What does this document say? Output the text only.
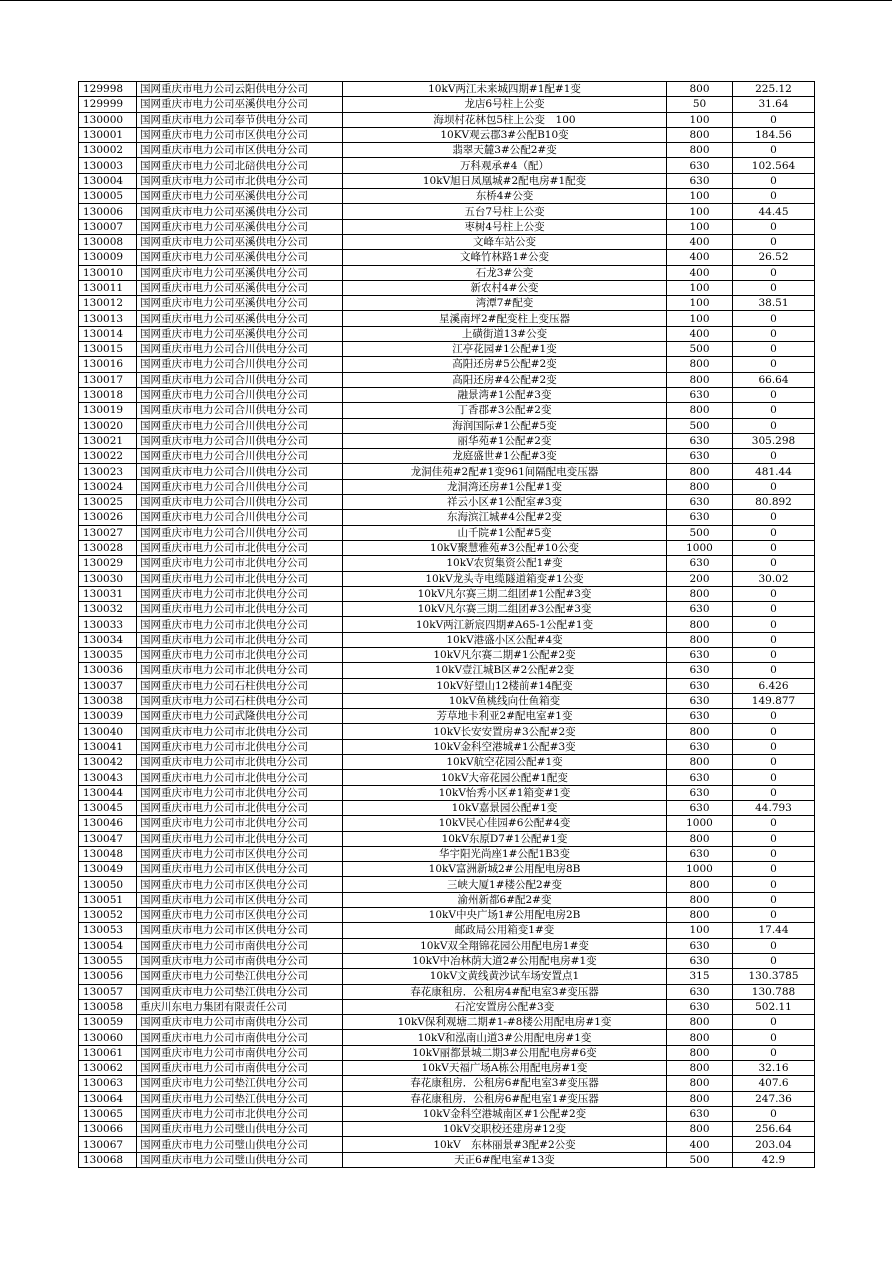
129998	国网重庆市电力公司云阳供电分公司	10kV两江未来城四期#1配#1变	800	225.12
129999	国网重庆市电力公司巫溪供电分公司	龙店6号柱上公变	50	31.64
130000	国网重庆市电力公司奉节供电分公司	海坝村花林包5柱上公变　100	100	0
130001	国网重庆市电力公司市区供电分公司	10KV观云郡3#公配B10变	800	184.56
130002	国网重庆市电力公司市区供电分公司	翡翠天麓3#公配2#变	800	0
130003	国网重庆市电力公司北碚供电分公司	万科观承#4（配）	630	102.564
130004	国网重庆市电力公司市北供电分公司	10kV旭日凤凰城#2配电房#1配变	630	0
130005	国网重庆市电力公司巫溪供电分公司	东桥4#公变	100	0
130006	国网重庆市电力公司巫溪供电分公司	五台7号柱上公变	100	44.45
130007	国网重庆市电力公司巫溪供电分公司	枣树4号柱上公变	100	0
130008	国网重庆市电力公司巫溪供电分公司	文峰车站公变	400	0
130009	国网重庆市电力公司巫溪供电分公司	文峰竹林路1#公变	400	26.52
130010	国网重庆市电力公司巫溪供电分公司	石龙3#公变	400	0
130011	国网重庆市电力公司巫溪供电分公司	新农村4#公变	100	0
130012	国网重庆市电力公司巫溪供电分公司	湾潭7#配变	100	38.51
130013	国网重庆市电力公司巫溪供电分公司	星溪南坪2#配变柱上变压器	100	0
130014	国网重庆市电力公司巫溪供电分公司	上磺街道13#公变	400	0
130015	国网重庆市电力公司合川供电分公司	江亭花园#1公配#1变	500	0
130016	国网重庆市电力公司合川供电分公司	高阳还房#5公配#2变	800	0
130017	国网重庆市电力公司合川供电分公司	高阳还房#4公配#2变	800	66.64
130018	国网重庆市电力公司合川供电分公司	融景湾#1公配#3变	630	0
130019	国网重庆市电力公司合川供电分公司	丁香郡#3公配#2变	800	0
130020	国网重庆市电力公司合川供电分公司	海润国际#1公配#5变	500	0
130021	国网重庆市电力公司合川供电分公司	丽华苑#1公配#2变	630	305.298
130022	国网重庆市电力公司合川供电分公司	龙庭盛世#1公配#3变	630	0
130023	国网重庆市电力公司合川供电分公司	龙洞佳苑#2配#1变961间隔配电变压器	800	481.44
130024	国网重庆市电力公司合川供电分公司	龙洞湾还房#1公配#1变	800	0
130025	国网重庆市电力公司合川供电分公司	祥云小区#1公配室#3变	630	80.892
130026	国网重庆市电力公司合川供电分公司	东海滨江城#4公配#2变	630	0
130027	国网重庆市电力公司合川供电分公司	山千院#1公配#5变	500	0
130028	国网重庆市电力公司市北供电分公司	10kV聚慧雅苑#3公配#10公变	1000	0
130029	国网重庆市电力公司市北供电分公司	10kV农贸集资公配1#变	630	0
130030	国网重庆市电力公司市北供电分公司	10kV龙头寺电缆隧道箱变#1公变	200	30.02
130031	国网重庆市电力公司市北供电分公司	10kV凡尔赛三期二组团#1公配#3变	800	0
130032	国网重庆市电力公司市北供电分公司	10kV凡尔赛三期二组团#3公配#3变	630	0
130033	国网重庆市电力公司市北供电分公司	10kV两江新宸四期#A65-1公配#1变	800	0
130034	国网重庆市电力公司市北供电分公司	10kV港盛小区公配#4变	800	0
130035	国网重庆市电力公司市北供电分公司	10kV凡尔赛二期#1公配#2变	630	0
130036	国网重庆市电力公司市北供电分公司	10kV壹江城B区#2公配#2变	630	0
130037	国网重庆市电力公司石柱供电分公司	10kV好望山12楼前#14配变	630	6.426
130038	国网重庆市电力公司石柱供电分公司	10kV鱼桃线向仕鱼箱变	630	149.877
130039	国网重庆市电力公司武隆供电分公司	芳草地卡利亚2#配电室#1变	630	0
130040	国网重庆市电力公司市北供电分公司	10kV长安安置房#3公配#2变	800	0
130041	国网重庆市电力公司市北供电分公司	10kV金科空港城#1公配#3变	630	0
130042	国网重庆市电力公司市北供电分公司	10kV航空花园公配#1变	800	0
130043	国网重庆市电力公司市北供电分公司	10kV大帝花园公配#1配变	630	0
130044	国网重庆市电力公司市北供电分公司	10kV怡秀小区#1箱变#1变	630	0
130045	国网重庆市电力公司市北供电分公司	10kV嘉景园公配#1变	630	44.793
130046	国网重庆市电力公司市北供电分公司	10kV民心佳园#6公配#4变	1000	0
130047	国网重庆市电力公司市北供电分公司	10kV东原D7#1公配#1变	800	0
130048	国网重庆市电力公司市区供电分公司	华宇阳光尚座1#公配1B3变	630	0
130049	国网重庆市电力公司市区供电分公司	10kV富洲新城2#公用配电房8B	1000	0
130050	国网重庆市电力公司市区供电分公司	三峡大厦1#楼公配2#变	800	0
130051	国网重庆市电力公司市区供电分公司	渝州新都6#配2#变	800	0
130052	国网重庆市电力公司市区供电分公司	10kV中央广场1#公用配电房2B	800	0
130053	国网重庆市电力公司市区供电分公司	邮政局公用箱变1#变	100	17.44
130054	国网重庆市电力公司市南供电分公司	10kV双全翔锦花园公用配电房1#变	630	0
130055	国网重庆市电力公司市南供电分公司	10kV中冶林荫大道2#公用配电房#1变	630	0
130056	国网重庆市电力公司垫江供电分公司	10kV文黄线黄沙试车场安置点1	315	130.3785
130057	国网重庆市电力公司垫江供电分公司	春花康租房．公租房4#配电室3#变压器	630	130.788
130058	重庆川东电力集团有限责任公司	石沱安置房公配#3变	630	502.11
130059	国网重庆市电力公司市南供电分公司	10kV保利观塘二期#1-#8楼公用配电房#1变	800	0
130060	国网重庆市电力公司市南供电分公司	10kV和泓南山道3#公用配电房#1变	800	0
130061	国网重庆市电力公司市南供电分公司	10kV丽都景城二期3#公用配电房#6变	800	0
130062	国网重庆市电力公司市南供电分公司	10kV天福广场A栋公用配电房#1变	800	32.16
130063	国网重庆市电力公司垫江供电分公司	春花康租房．公租房6#配电室3#变压器	800	407.6
130064	国网重庆市电力公司垫江供电分公司	春花康租房．公租房6#配电室1#变压器	800	247.36
130065	国网重庆市电力公司市北供电分公司	10kV金科空港城南区#1公配#2变	630	0
130066	国网重庆市电力公司璧山供电分公司	10kV交职校还建房#12变	800	256.64
130067	国网重庆市电力公司璧山供电分公司	10kV　东林丽景#3配#2公变	400	203.04
130068	国网重庆市电力公司璧山供电分公司	天正6#配电室#13变	500	42.9
